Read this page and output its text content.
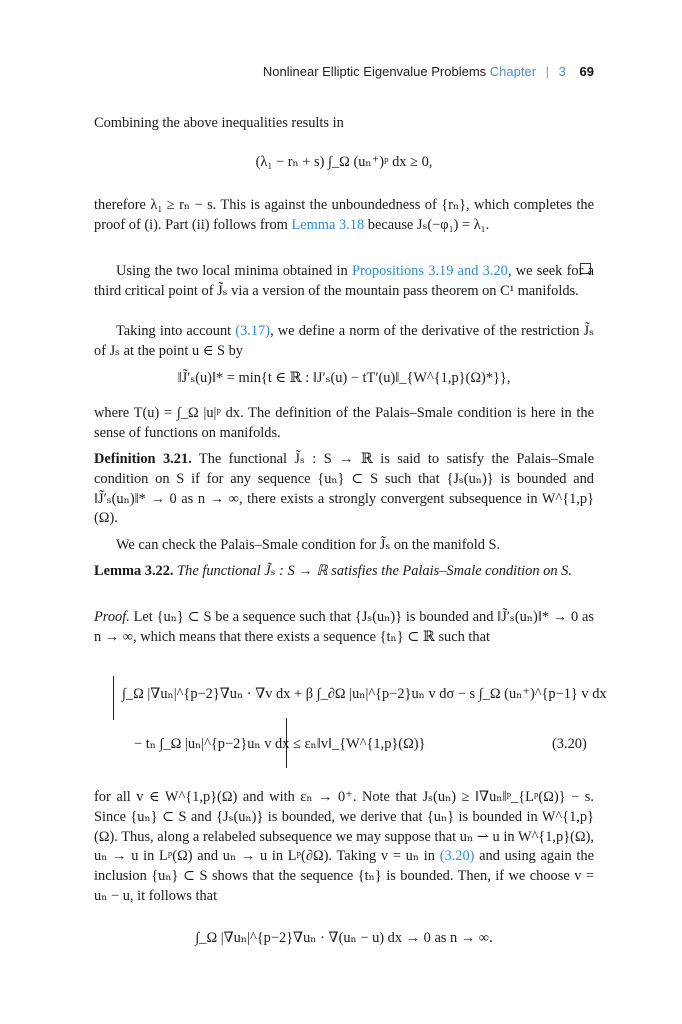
Nonlinear Elliptic Eigenvalue Problems Chapter | 3 69
Combining the above inequalities results in
(λ₁ − rₙ + s) ∫_Ω (uₙ⁺)ᵖ dx ≥ 0,
therefore λ₁ ≥ rₙ − s. This is against the unboundedness of {rₙ}, which completes the proof of (i). Part (ii) follows from Lemma 3.18 because Jₛ(−φ₁) = λ₁.
Using the two local minima obtained in Propositions 3.19 and 3.20, we seek for a third critical point of J̃ₛ via a version of the mountain pass theorem on C¹ manifolds.
Taking into account (3.17), we define a norm of the derivative of the restriction J̃ₛ of Jₛ at the point u ∈ S by
‖J̃′ₛ(u)‖* = min{t ∈ ℝ : ‖J′ₛ(u) − tT′(u)‖_{W^{1,p}(Ω)*}},
where T(u) = ∫_Ω |u|ᵖ dx. The definition of the Palais–Smale condition is here in the sense of functions on manifolds.
Definition 3.21. The functional J̃ₛ : S → ℝ is said to satisfy the Palais–Smale condition on S if for any sequence {uₙ} ⊂ S such that {Jₛ(uₙ)} is bounded and ‖J̃′ₛ(uₙ)‖* → 0 as n → ∞, there exists a strongly convergent subsequence in W^{1,p}(Ω).
We can check the Palais–Smale condition for J̃ₛ on the manifold S.
Lemma 3.22. The functional J̃ₛ : S → ℝ satisfies the Palais–Smale condition on S.
Proof. Let {uₙ} ⊂ S be a sequence such that {Jₛ(uₙ)} is bounded and ‖J̃′ₛ(uₙ)‖* → 0 as n → ∞, which means that there exists a sequence {tₙ} ⊂ ℝ such that
∫_Ω |∇uₙ|^{p−2}∇uₙ · ∇v dx + β ∫_∂Ω |uₙ|^{p−2}uₙ v dσ − s ∫_Ω (uₙ⁺)^{p−1} v dx
− tₙ ∫_Ω |uₙ|^{p−2}uₙ v dx ≤ εₙ‖v‖_{W^{1,p}(Ω)}	(3.20)
for all v ∈ W^{1,p}(Ω) and with εₙ → 0⁺. Note that Jₛ(uₙ) ≥ ‖∇uₙ‖ᵖ_{Lᵖ(Ω)} − s. Since {uₙ} ⊂ S and {Jₛ(uₙ)} is bounded, we derive that {uₙ} is bounded in W^{1,p}(Ω). Thus, along a relabeled subsequence we may suppose that uₙ ⇀ u in W^{1,p}(Ω), uₙ → u in Lᵖ(Ω) and uₙ → u in Lᵖ(∂Ω). Taking v = uₙ in (3.20) and using again the inclusion {uₙ} ⊂ S shows that the sequence {tₙ} is bounded. Then, if we choose v = uₙ − u, it follows that
∫_Ω |∇uₙ|^{p−2}∇uₙ · ∇(uₙ − u) dx → 0 as n → ∞.
